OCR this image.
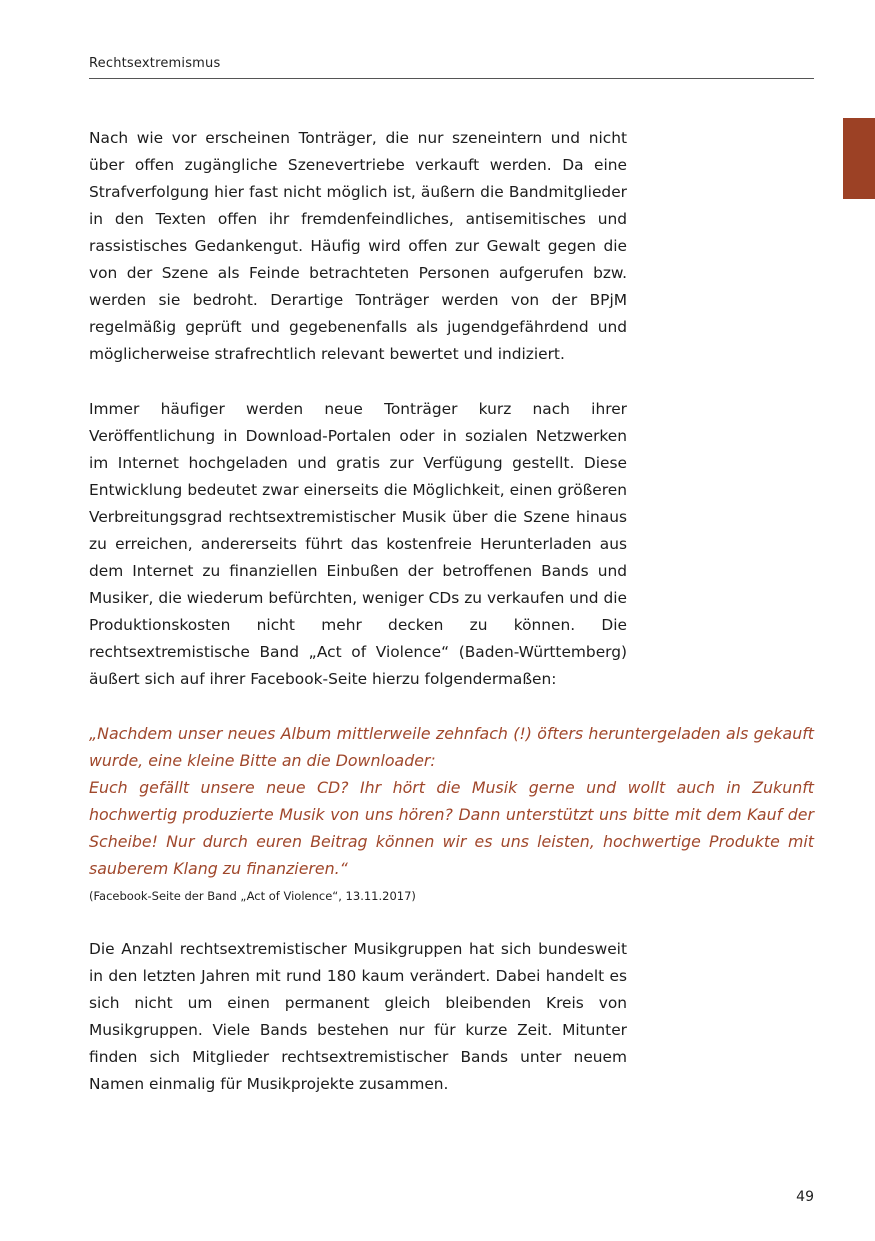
Rechtsextremismus

Nach wie vor erscheinen Tonträger, die nur szeneintern und nicht über offen zugängliche Szenevertriebe verkauft werden. Da eine Strafverfolgung hier fast nicht möglich ist, äußern die Bandmitglieder in den Texten offen ihr fremdenfeindliches, antisemitisches und rassistisches Gedankengut. Häufig wird offen zur Gewalt gegen die von der Szene als Feinde betrachteten Personen aufgerufen bzw. werden sie bedroht. Derartige Tonträger werden von der BPjM regelmäßig geprüft und gegebenenfalls als jugendgefährdend und möglicherweise strafrechtlich relevant bewertet und indiziert.

Immer häufiger werden neue Tonträger kurz nach ihrer Veröffentlichung in Download-Portalen oder in sozialen Netzwerken im Internet hochgeladen und gratis zur Verfügung gestellt. Diese Entwicklung bedeutet zwar einerseits die Möglichkeit, einen größeren Verbreitungsgrad rechtsextremistischer Musik über die Szene hinaus zu erreichen, andererseits führt das kostenfreie Herunterladen aus dem Internet zu finanziellen Einbußen der betroffenen Bands und Musiker, die wiederum befürchten, weniger CDs zu verkaufen und die Produktionskosten nicht mehr decken zu können. Die rechtsextremistische Band „Act of Violence“ (Baden-Württemberg) äußert sich auf ihrer Facebook-Seite hierzu folgendermaßen:

„Nachdem unser neues Album mittlerweile zehnfach (!) öfters heruntergeladen als gekauft wurde, eine kleine Bitte an die Downloader:
Euch gefällt unsere neue CD? Ihr hört die Musik gerne und wollt auch in Zukunft hochwertig produzierte Musik von uns hören? Dann unterstützt uns bitte mit dem Kauf der Scheibe! Nur durch euren Beitrag können wir es uns leisten, hochwertige Produkte mit sauberem Klang zu finanzieren.“
(Facebook-Seite der Band „Act of Violence“, 13.11.2017)

Die Anzahl rechtsextremistischer Musikgruppen hat sich bundesweit in den letzten Jahren mit rund 180 kaum verändert. Dabei handelt es sich nicht um einen permanent gleich bleibenden Kreis von Musikgruppen. Viele Bands bestehen nur für kurze Zeit. Mitunter finden sich Mitglieder rechtsextremistischer Bands unter neuem Namen einmalig für Musikprojekte zusammen.

49
